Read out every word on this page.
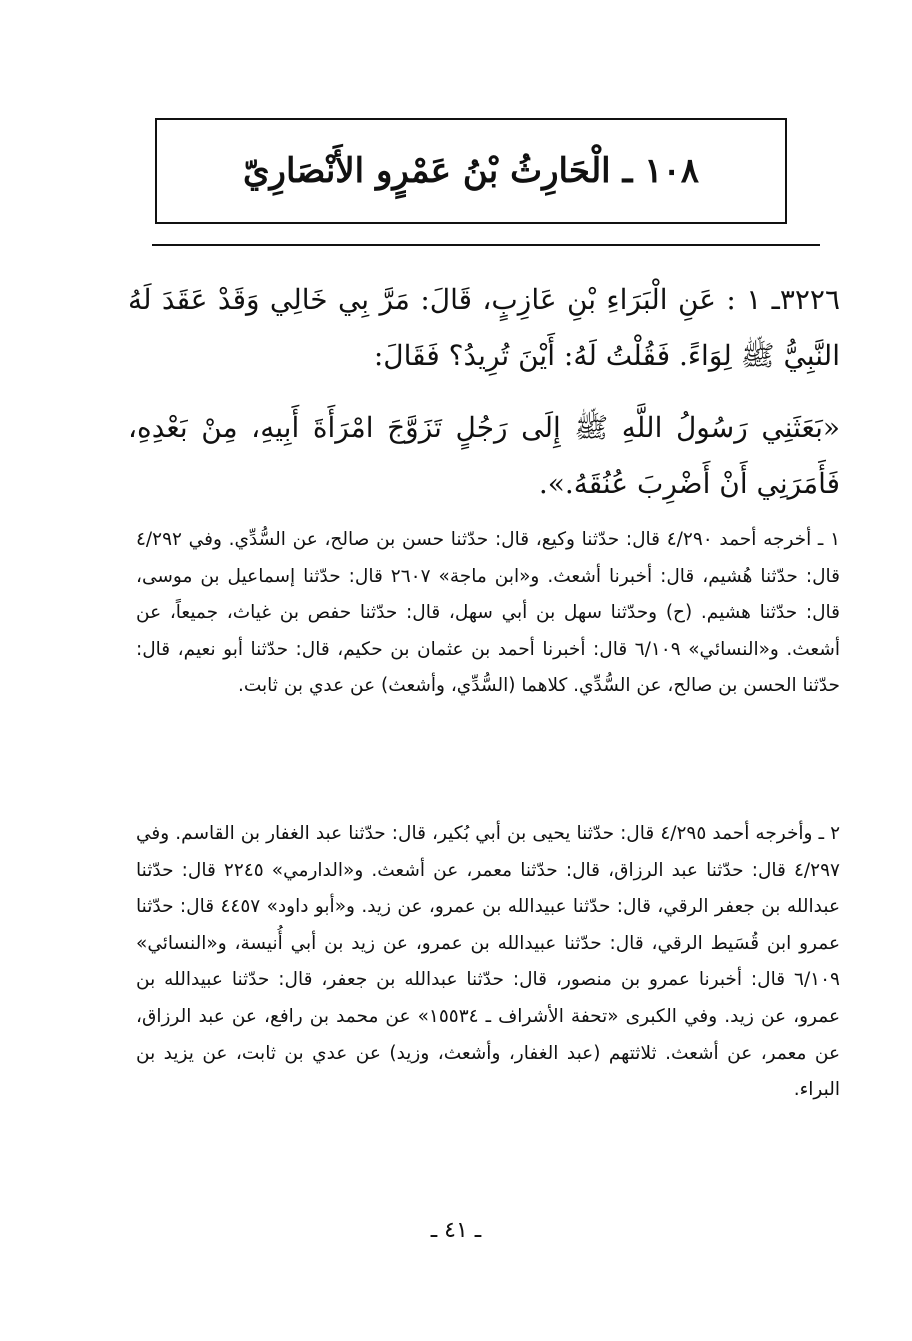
١٠٨ ـ الْحَارِثُ بْنُ عَمْرٍو الأَنْصَارِيّ

٣٢٢٦ـ ١ : عَنِ الْبَرَاءِ بْنِ عَازِبٍ، قَالَ: مَرَّ بِي خَالِي وَقَدْ عَقَدَ لَهُ النَّبِيُّ ﷺ لِوَاءً. فَقُلْتُ لَهُ: أَيْنَ تُرِيدُ؟ فَقَالَ:

«بَعَثَنِي رَسُولُ اللَّهِ ﷺ إِلَى رَجُلٍ تَزَوَّجَ امْرَأَةَ أَبِيهِ، مِنْ بَعْدِهِ، فَأَمَرَنِي أَنْ أَضْرِبَ عُنُقَهُ.».

١ ـ أخرجه أحمد ٤/٢٩٠ قال: حدّثنا وكيع، قال: حدّثنا حسن بن صالح، عن السُّدِّي. وفي ٤/٢٩٢ قال: حدّثنا هُشيم، قال: أخبرنا أشعث. و«ابن ماجة» ٢٦٠٧ قال: حدّثنا إسماعيل بن موسى، قال: حدّثنا هشيم. (ح) وحدّثنا سهل بن أبي سهل، قال: حدّثنا حفص بن غياث، جميعاً، عن أشعث. و«النسائي» ٦/١٠٩ قال: أخبرنا أحمد بن عثمان بن حكيم، قال: حدّثنا أبو نعيم، قال: حدّثنا الحسن بن صالح، عن السُّدِّي. كلاهما (السُّدِّي، وأشعث) عن عدي بن ثابت.

٢ ـ وأخرجه أحمد ٤/٢٩٥ قال: حدّثنا يحيى بن أبي بُكير، قال: حدّثنا عبد الغفار بن القاسم. وفي ٤/٢٩٧ قال: حدّثنا عبد الرزاق، قال: حدّثنا معمر، عن أشعث. و«الدارمي» ٢٢٤٥ قال: حدّثنا عبدالله بن جعفر الرقي، قال: حدّثنا عبيدالله بن عمرو، عن زيد. و«أبو داود» ٤٤٥٧ قال: حدّثنا عمرو ابن قُسَيط الرقي، قال: حدّثنا عبيدالله بن عمرو، عن زيد بن أبي أُنيسة، و«النسائي» ٦/١٠٩ قال: أخبرنا عمرو بن منصور، قال: حدّثنا عبدالله بن جعفر، قال: حدّثنا عبيدالله بن عمرو، عن زيد. وفي الكبرى «تحفة الأشراف ـ ١٥٥٣٤» عن محمد بن رافع، عن عبد الرزاق، عن معمر، عن أشعث. ثلاثتهم (عبد الغفار، وأشعث، وزيد) عن عدي بن ثابت، عن يزيد بن البراء.

ـ ٤١ ـ
